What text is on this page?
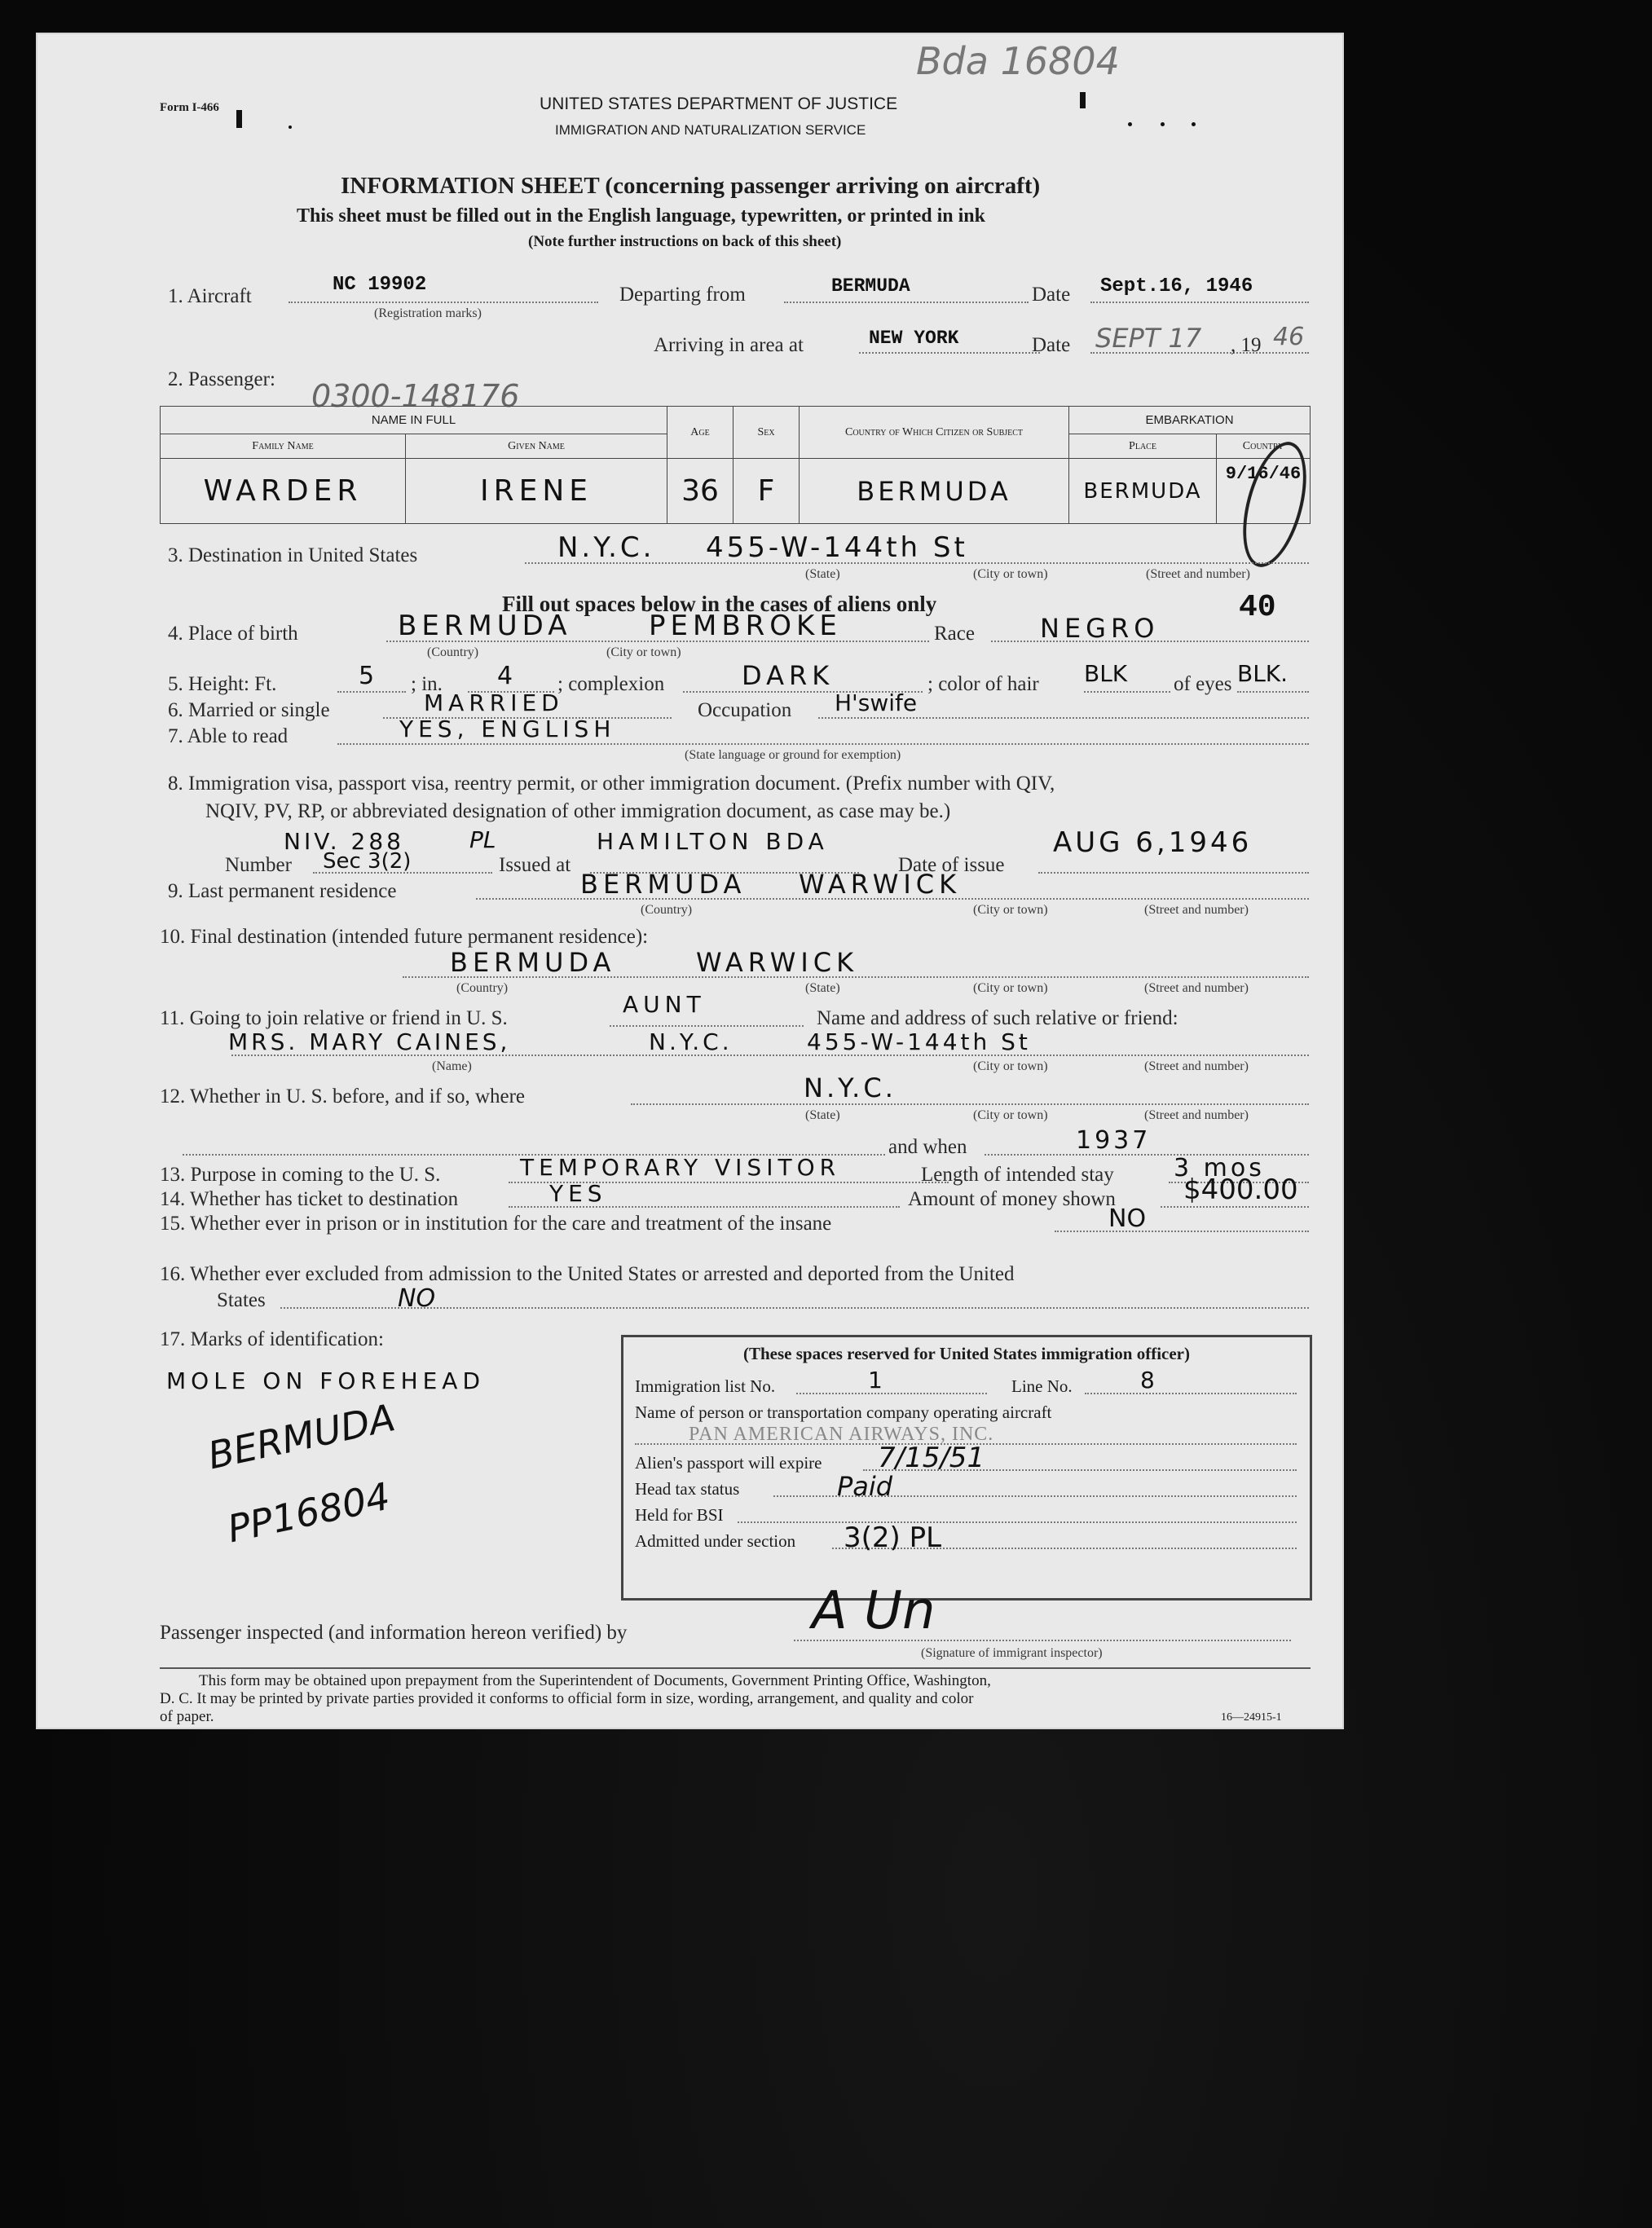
Bda 16804
Form I-466	UNITED STATES DEPARTMENT OF JUSTICE
IMMIGRATION AND NATURALIZATION SERVICE
INFORMATION SHEET (concerning passenger arriving on aircraft)
This sheet must be filled out in the English language, typewritten, or printed in ink
(Note further instructions on back of this sheet)
1. Aircraft
NC 19902
(Registration marks)
Departing from	BERMUDA	Date Sept.16, 1946
Arriving in area at	NEW YORK	Date SEPT 17 , 19 46
2. Passenger: 0300-148176
NAME IN FULL		Age	Sex	Country of Which Citizen or Subject	EMBARKATION	
Family Name	Given Name				Place	Country
WARDER	IRENE	36	F	BERMUDA	BERMUDA	9/16/46
3. Destination in United States	N.Y.C. 455-W-144th St
(State)	(City or town)	(Street and number)
Fill out spaces below in the cases of aliens only	40
4. Place of birth	BERMUDA	PEMBROKE
(Country)	(City or town)
Race	NEGRO
5. Height: Ft.	5 ; in. 4 ; complexion	DARK	; color of hair BLK of eyes BLK.
6. Married or single	MARRIED	Occupation H'swife
7. Able to read	YES, ENGLISH
(State language or ground for exemption)
8. Immigration visa, passport visa, reentry permit, or other immigration document. (Prefix number with QIV,
NQIV, PV, RP, or abbreviated designation of other immigration document, as case may be.)
NIV. 288	PL
Number Sec 3(2)	Issued at
HAMILTON BDA
Date of issue
AUG 6,1946
9. Last permanent residence	BERMUDA WARWICK
(Country)	(City or town)	(Street and number)
10. Final destination (intended future permanent residence):
BERMUDA	WARWICK
(Country)	(State)	(City or town)	(Street and number)
11. Going to join relative or friend in U. S.
AUNT
Name and address of such relative or friend:
MRS. MARY CAINES,	N.Y.C.	455-W-144th St
(Name)	(City or town)	(Street and number)
12. Whether in U. S. before, and if so, where	N.Y.C.
(State)	(City or town)	(Street and number)
and when	1937
13. Purpose in coming to the U. S.	TEMPORARY VISITOR	Length of intended stay 3 mos
14. Whether has ticket to destination	YES	Amount of money shown $400.00
15. Whether ever in prison or in institution for the care and treatment of the insane	NO
16. Whether ever excluded from admission to the United States or arrested and deported from the United
States	NO
17. Marks of identification:
MOLE ON FOREHEAD
BERMUDA
PP16804
(These spaces reserved for United States immigration officer)
Immigration list No.	1	Line No.	8
Name of person or transportation company operating aircraft
PAN AMERICAN AIRWAYS, INC.
Alien's passport will expire 7/15/51
Head tax status	Paid
Held for BSI
Admitted under section 3(2) PL
Passenger inspected (and information hereon verified) by	A Un
(Signature of immigrant inspector)
This form may be obtained upon prepayment from the Superintendent of Documents, Government Printing Office, Washington,
D. C. It may be printed by private parties provided it conforms to official form in size, wording, arrangement, and quality and color
of paper.	16—24915-1
